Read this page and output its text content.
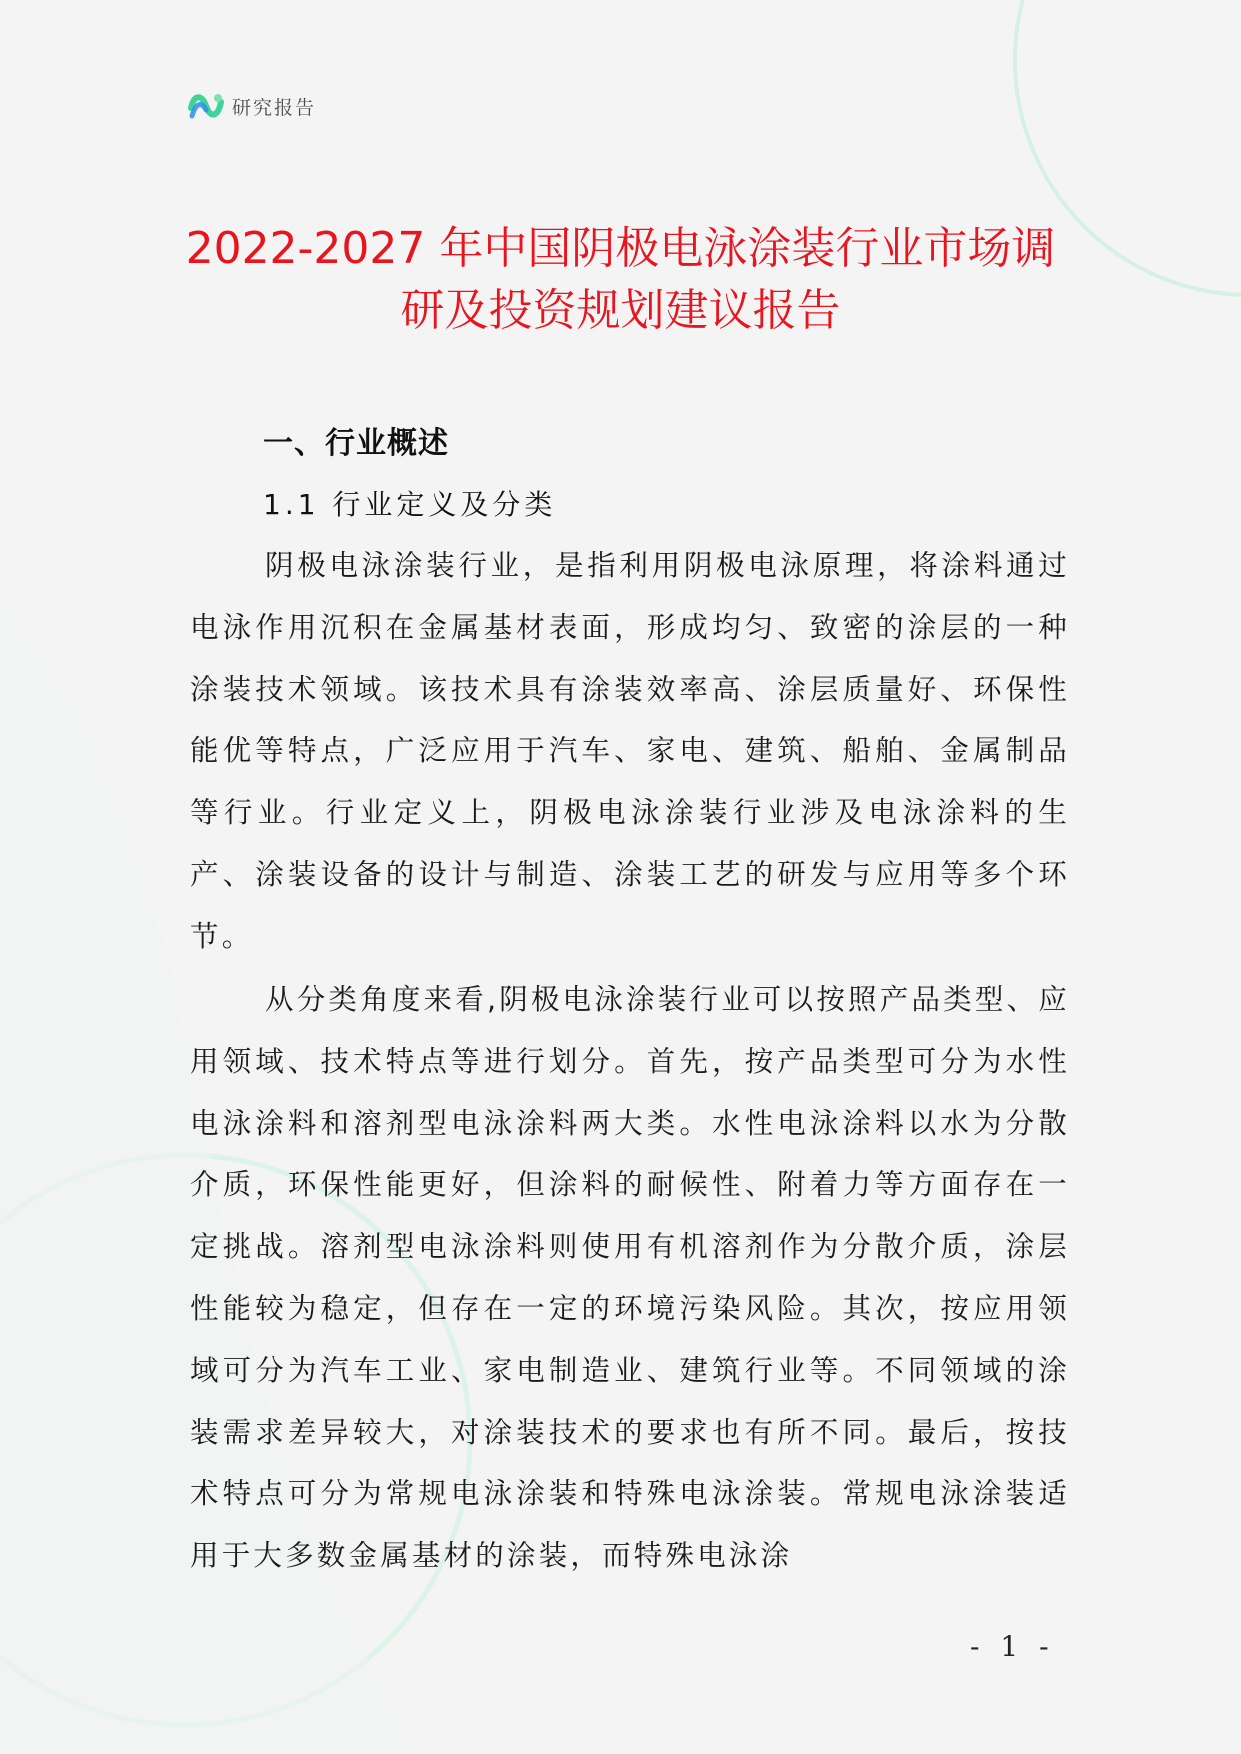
研究报告
2022-2027 年中国阴极电泳涂装行业市场调
研及投资规划建议报告
一、行业概述
1.1 行业定义及分类

阴极电泳涂装行业，是指利用阴极电泳原理，将涂料通过电泳作用沉积在金属基材表面，形成均匀、致密的涂层的一种涂装技术领域。该技术具有涂装效率高、涂层质量好、环保性能优等特点，广泛应用于汽车、家电、建筑、船舶、金属制品等行业。行业定义上，阴极电泳涂装行业涉及电泳涂料的生产、涂装设备的设计与制造、涂装工艺的研发与应用等多个环节。

从分类角度来看,阴极电泳涂装行业可以按照产品类型、应用领域、技术特点等进行划分。首先，按产品类型可分为水性电泳涂料和溶剂型电泳涂料两大类。水性电泳涂料以水为分散介质，环保性能更好，但涂料的耐候性、附着力等方面存在一定挑战。溶剂型电泳涂料则使用有机溶剂作为分散介质，涂层性能较为稳定，但存在一定的环境污染风险。其次，按应用领域可分为汽车工业、家电制造业、建筑行业等。不同领域的涂装需求差异较大，对涂装技术的要求也有所不同。最后，按技术特点可分为常规电泳涂装和特殊电泳涂装。常规电泳涂装适用于大多数金属基材的涂装，而特殊电泳涂

- 1 -
